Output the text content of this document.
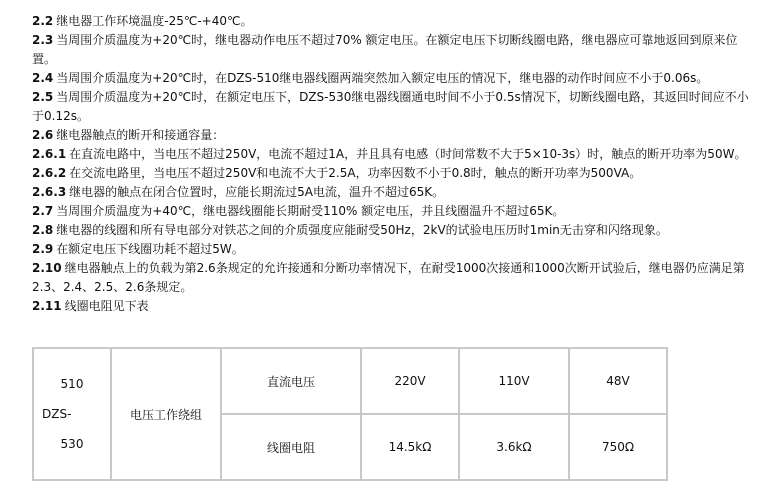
2.2 继电器工作环境温度-25℃-+40℃。

2.3 当周围介质温度为+20℃时，继电器动作电压不超过70% 额定电压。在额定电压下切断线圈电路，继电器应可靠地返回到原来位置。

2.4 当周围介质温度为+20℃时，在DZS-510继电器线圈两端突然加入额定电压的情况下，继电器的动作时间应不小于0.06s。

2.5 当周围介质温度为+20℃时，在额定电压下，DZS-530继电器线圈通电时间不小于0.5s情况下，切断线圈电路，其返回时间应不小于0.12s。

2.6 继电器触点的断开和接通容量：

2.6.1 在直流电路中，当电压不超过250V，电流不超过1A，并且具有电感（时间常数不大于5×10-3s）时，触点的断开功率为50W。

2.6.2 在交流电路里，当电压不超过250V和电流不大于2.5A，功率因数不小于0.8时，触点的断开功率为500VA。

2.6.3 继电器的触点在闭合位置时，应能长期流过5A电流，温升不超过65K。

2.7 当周围介质温度为+40℃，继电器线圈能长期耐受110% 额定电压，并且线圈温升不超过65K。

2.8 继电器的线圈和所有导电部分对铁芯之间的介质强度应能耐受50Hz，2kV的试验电压历时1min无击穿和闪络现象。

2.9 在额定电压下线圈功耗不超过5W。

2.10 继电器触点上的负载为第2.6条规定的允许接通和分断功率情况下，在耐受1000次接通和1000次断开试验后，继电器仍应满足第2.3、2.4、2.5、2.6条规定。

2.11 线圈电阻见下表

510
DZS-
530	电压工作绕组	直流电压	220V	110V	48V
		线圈电阻	14.5kΩ	3.6kΩ	750Ω
